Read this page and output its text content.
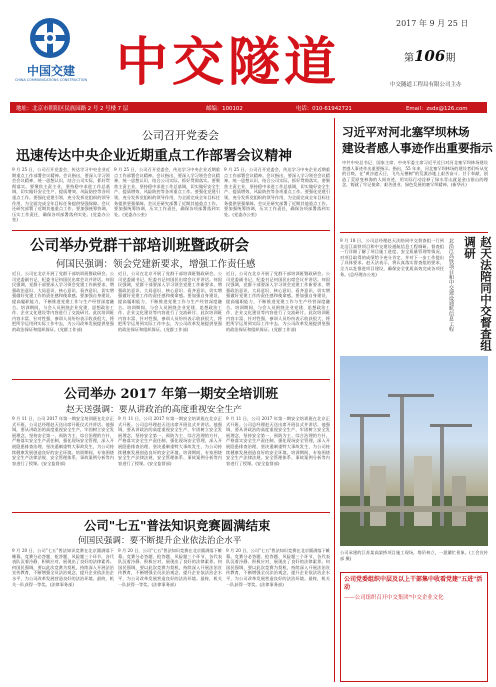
中国交建
CHINA COMMUNICATIONS CONSTRUCTION 中交隧道
2017 年 9 月 25 日
第106期
中交隧道工程局有限公司主办
地址：北京市朝阳区民族园路 2 号 2 号楼 7 层	邮编：100102	电话：010-61942721	Email：zsdx@126.com
公司召开党委会
迅速传达中央企业近期重点工作部署会议精神
9 月 25 日，公司召开党委会，传达学习中央企业近期重点工作部署会议精神。会议指出，要深入学习领会会议精神，统一思想认识，结合公司实际，抓好贯彻落实。要聚焦主责主业，坚持稳中求进工作总基调，切实做好安全生产、提质增效、风险防控等各项重点工作。要强化党建引领，充分发挥党组织的领导作用，为全面完成全年目标任务提供坚强保障。会议还研究部署了近期其他重点工作。要加强统筹协调，压实工作责任，确保各项部署落到实处。(党委办公室)
9 月 25 日，公司召开党委会，传达学习中央企业近期重点工作部署会议精神。会议指出，要深入学习领会会议精神，统一思想认识，结合公司实际，抓好贯彻落实。要聚焦主责主业，坚持稳中求进工作总基调，切实做好安全生产、提质增效、风险防控等各项重点工作。要强化党建引领，充分发挥党组织的领导作用，为全面完成全年目标任务提供坚强保障。会议还研究部署了近期其他重点工作。要加强统筹协调，压实工作责任，确保各项部署落到实处。(党委办公室)
9 月 25 日，公司召开党委会，传达学习中央企业近期重点工作部署会议精神。会议指出，要深入学习领会会议精神，统一思想认识，结合公司实际，抓好贯彻落实。要聚焦主责主业，坚持稳中求进工作总基调，切实做好安全生产、提质增效、风险防控等各项重点工作。要强化党建引领，充分发挥党组织的领导作用，为全面完成全年目标任务提供坚强保障。会议还研究部署了近期其他重点工作。要加强统筹协调，压实工作责任，确保各项部署落到实处。(党委办公室)
公司举办党群干部培训班暨政研会
何国民强调：领会党建新要求，增强工作责任感
近日，公司在北京开展了党群干部培训班暨政研会。公司党委副书记、纪委书记何国民出席会议并讲话。何国民强调，党群干部要深入学习领会党建工作新要求，增强政治意识、大局意识、核心意识、看齐意识，切实增强做好党建工作的责任感和使命感。要加强自身建设，提高履职能力，不断推进党建工作与生产经营深度融合。培训期间，与会人员围绕企业党建、思想政治工作、企业文化建设等内容进行了交流研讨。此次培训班内容丰富、针对性强，参训人员纷纷表示收获很大，将把所学运用到实际工作中去，为公司改革发展提供坚强的政治保证和组织保证。(党群工作部)
近日，公司在北京开展了党群干部培训班暨政研会。公司党委副书记、纪委书记何国民出席会议并讲话。何国民强调，党群干部要深入学习领会党建工作新要求，增强政治意识、大局意识、核心意识、看齐意识，切实增强做好党建工作的责任感和使命感。要加强自身建设，提高履职能力，不断推进党建工作与生产经营深度融合。培训期间，与会人员围绕企业党建、思想政治工作、企业文化建设等内容进行了交流研讨。此次培训班内容丰富、针对性强，参训人员纷纷表示收获很大，将把所学运用到实际工作中去，为公司改革发展提供坚强的政治保证和组织保证。(党群工作部)
近日，公司在北京开展了党群干部培训班暨政研会。公司党委副书记、纪委书记何国民出席会议并讲话。何国民强调，党群干部要深入学习领会党建工作新要求，增强政治意识、大局意识、核心意识、看齐意识，切实增强做好党建工作的责任感和使命感。要加强自身建设，提高履职能力，不断推进党建工作与生产经营深度融合。培训期间，与会人员围绕企业党建、思想政治工作、企业文化建设等内容进行了交流研讨。此次培训班内容丰富、针对性强，参训人员纷纷表示收获很大，将把所学运用到实际工作中去，为公司改革发展提供坚强的政治保证和组织保证。(党群工作部)
公司举办 2017 年第一期安全培训班
赵天送强调：要从讲政治的高度重视安全生产
9 月 11 日，公司 2017 年第一期安全培训班在北京正式开班。公司总经理赵天送出席开班仪式并讲话。他强调，要从讲政治的高度重视安全生产，牢固树立安全发展理念，坚持安全第一、预防为主、综合治理的方针，严格落实安全生产责任制，强化现场安全管理，深入开展隐患排查治理，坚决遏制重特大事故发生，为公司持续健康发展创造良好的安全环境。培训期间，专家围绕安全生产法律法规、安全管理体系、事故案例分析等内容进行了授课。(安全监督部)
9 月 11 日，公司 2017 年第一期安全培训班在北京正式开班。公司总经理赵天送出席开班仪式并讲话。他强调，要从讲政治的高度重视安全生产，牢固树立安全发展理念，坚持安全第一、预防为主、综合治理的方针，严格落实安全生产责任制，强化现场安全管理，深入开展隐患排查治理，坚决遏制重特大事故发生，为公司持续健康发展创造良好的安全环境。培训期间，专家围绕安全生产法律法规、安全管理体系、事故案例分析等内容进行了授课。(安全监督部)
9 月 11 日，公司 2017 年第一期安全培训班在北京正式开班。公司总经理赵天送出席开班仪式并讲话。他强调，要从讲政治的高度重视安全生产，牢固树立安全发展理念，坚持安全第一、预防为主、综合治理的方针，严格落实安全生产责任制，强化现场安全管理，深入开展隐患排查治理，坚决遏制重特大事故发生，为公司持续健康发展创造良好的安全环境。培训期间，专家围绕安全生产法律法规、安全管理体系、事故案例分析等内容进行了授课。(安全监督部)
公司"七五"普法知识竞赛圆满结束
何国民强调：要不断提升企业依法治企水平
9 月 20 日，公司"七五"普法知识竞赛在北京圆满落下帷幕。竞赛分必答题、抢答题、风险题三个环节，各代表队沉着冷静、积极应对，展现出了良好的法律素养。何国民强调，要以此次竞赛为契机，持续深入开展法治宣传教育，不断增强全员法治观念，提升企业依法治企水平，为公司改革发展营造良好的法治环境。最终，机关一队获得一等奖。(法律事务部)
9 月 20 日，公司"七五"普法知识竞赛在北京圆满落下帷幕。竞赛分必答题、抢答题、风险题三个环节，各代表队沉着冷静、积极应对，展现出了良好的法律素养。何国民强调，要以此次竞赛为契机，持续深入开展法治宣传教育，不断增强全员法治观念，提升企业依法治企水平，为公司改革发展营造良好的法治环境。最终，机关一队获得一等奖。(法律事务部)
9 月 20 日，公司"七五"普法知识竞赛在北京圆满落下帷幕。竞赛分必答题、抢答题、风险题三个环节，各代表队沉着冷静、积极应对，展现出了良好的法律素养。何国民强调，要以此次竞赛为契机，持续深入开展法治宣传教育，不断增强全员法治观念，提升企业依法治企水平，为公司改革发展营造良好的法治环境。最终，机关一队获得一等奖。(法律事务部)
习近平对河北塞罕坝林场
建设者感人事迹作出重要指示
中共中央总书记、国家主席、中央军委主席习近平近日对河北塞罕坝林场建设者感人事迹作出重要指示。指出，55 年来，河北塞罕坝林场的建设者们听从党的召唤，在"黄沙遮天日，飞鸟无栖树"的荒漠沙地上艰苦奋斗、甘于奉献，创造了荒原变林海的人间奇迹，用实际行动诠释了绿水青山就是金山银山的理念，铸就了牢记使命、艰苦创业、绿色发展的塞罕坝精神。(新华社)
9 月 18 日，公司总经理赵天法陪同中交督查组一行到北沿江高铁项目和中交建设通航信息工程调研。督查组一行详细了解了项目施工进度、安全质量管理等情况，对项目取得的成绩给予充分肯定，并对下一步工作提出了具体要求。赵天法表示，将认真落实督查组的要求，全力以赴推进项目建设，确保安全优质高效完成各项任务。(总经理办公室)	赵天法陪同中交督查组调研
北沿江高铁项目和中交建设通航信息工程
公司承建的江苏某高架桥项目施工现场，塔吊林立，一派繁忙景象。(工会宣传部 摄)
公司党委组织中层及以上干部集中收看党建"五进"活动
——公司组织召开中交集团"中交企业文化
